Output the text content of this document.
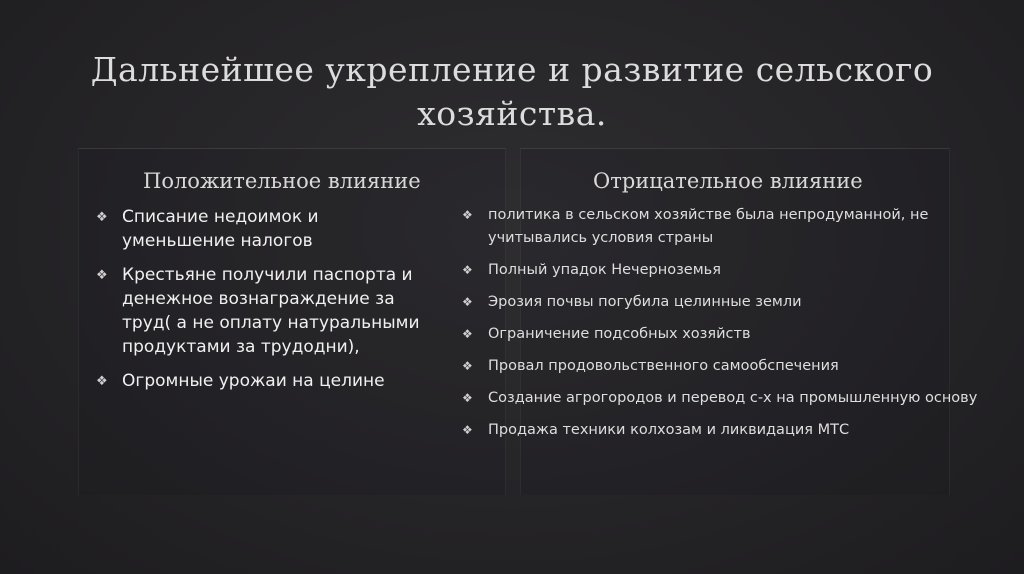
Дальнейшее укрепление и развитие сельского хозяйства.
Положительное влияние	Отрицательное влияние
❖ Списание недоимок и уменьшение налогов
❖ Крестьяне получили паспорта и денежное вознаграждение за труд( а не оплату натуральными продуктами за трудодни),
❖ Огромные урожаи на целине
❖ политика в сельском хозяйстве была непродуманной, не учитывались условия страны
❖ Полный упадок Нечерноземья
❖ Эрозия почвы погубила целинные земли
❖ Ограничение подсобных хозяйств
❖ Провал продовольственного самообспечения
❖ Создание агрогородов и перевод с-х на промышленную основу
❖ Продажа техники колхозам и ликвидация МТС
